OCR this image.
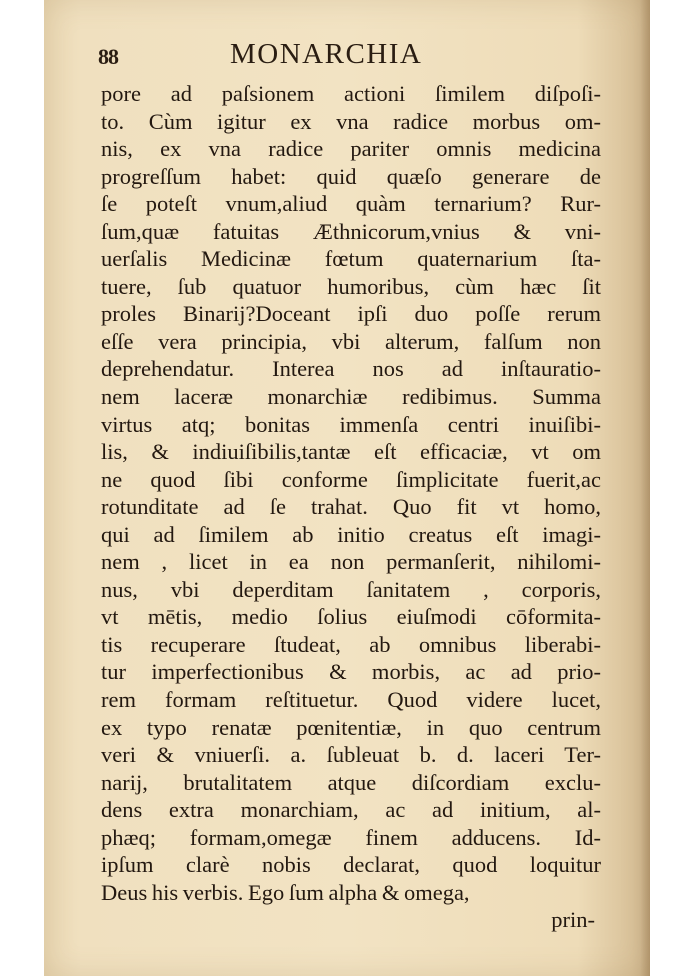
88	MONARCHIA
pore ad paſsionem actioni ſimilem diſpoſi-
to. Cùm igitur ex vna radice morbus om-
nis, ex vna radice pariter omnis medicina
progreſſum habet: quid quæſo generare de
ſe poteſt vnum,aliud quàm ternarium? Rur-
ſum,quæ fatuitas Æthnicorum,vnius & vni-
uerſalis Medicinæ fœtum quaternarium ſta-
tuere, ſub quatuor humoribus, cùm hæc ſit
proles Binarij?Doceant ipſi duo poſſe rerum
eſſe vera principia, vbi alterum, falſum non
deprehendatur. Interea nos ad inſtauratio-
nem laceræ monarchiæ redibimus. Summa
virtus atq; bonitas immenſa centri inuiſibi-
lis, & indiuiſibilis,tantæ eſt efficaciæ, vt om
ne quod ſibi conforme ſimplicitate fuerit,ac
rotunditate ad ſe trahat. Quo fit vt homo,
qui ad ſimilem ab initio creatus eſt imagi-
nem , licet in ea non permanſerit, nihilomi-
nus, vbi deperditam ſanitatem , corporis,
vt mētis, medio ſolius eiuſmodi cōformita-
tis recuperare ſtudeat, ab omnibus liberabi-
tur imperfectionibus & morbis, ac ad prio-
rem formam reſtituetur. Quod videre lucet,
ex typo renatæ pœnitentiæ, in quo centrum
veri & vniuerſi. a. ſubleuat b. d. laceri Ter-
narij, brutalitatem atque diſcordiam exclu-
dens extra monarchiam, ac ad initium, al-
phæq; formam,omegæ finem adducens. Id-
ipſum clarè nobis declarat, quod loquitur
Deus his verbis. Ego ſum alpha & omega,
prin-
